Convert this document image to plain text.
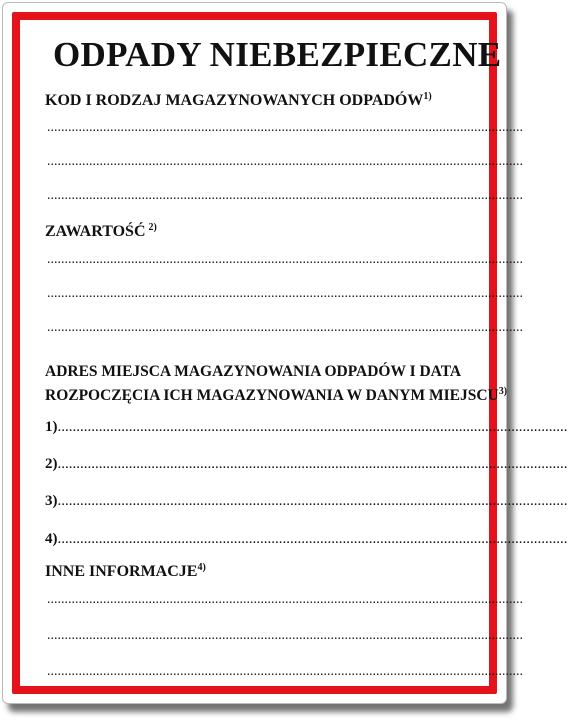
ODPADY NIEBEZPIECZNE
KOD I RODZAJ MAGAZYNOWANYCH ODPADÓW$^{1)}$
........................................................................................................................................
........................................................................................................................................
........................................................................................................................................
ZAWARTOŚĆ $^{2)}$
........................................................................................................................................
........................................................................................................................................
........................................................................................................................................
ADRES MIEJSCA MAGAZYNOWANIA ODPADÓW I DATA
ROZPOCZĘCIA ICH MAGAZYNOWANIA W DANYM MIEJSCU$^{3)}$
1)........................................................................................................................................
2)........................................................................................................................................
3)........................................................................................................................................
4)........................................................................................................................................
INNE INFORMACJE$^{4)}$
........................................................................................................................................
........................................................................................................................................
........................................................................................................................................
